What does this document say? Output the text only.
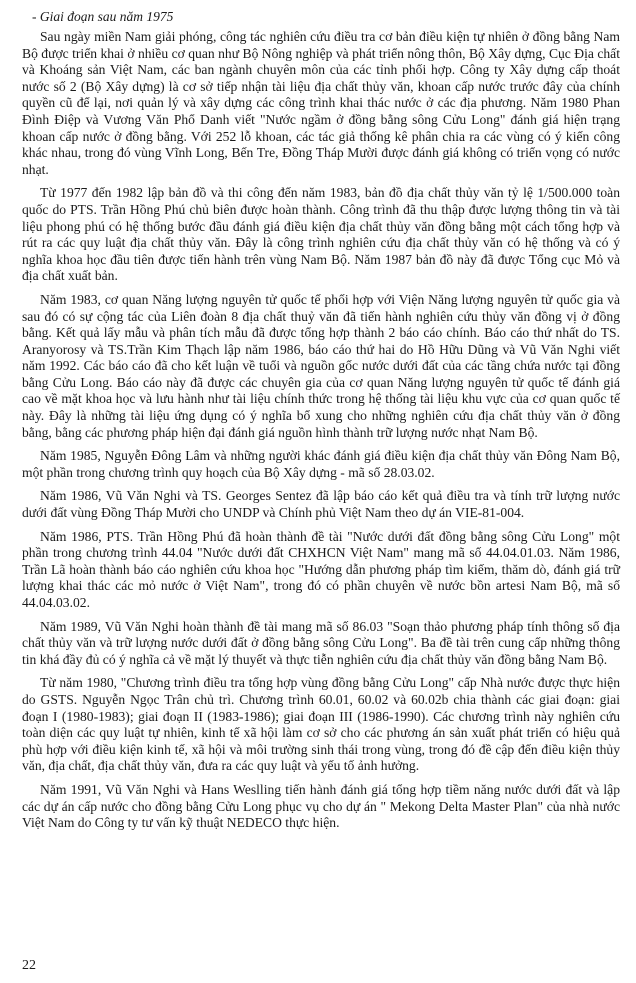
- Giai đoạn sau năm 1975

Sau ngày miền Nam giải phóng, công tác nghiên cứu điều tra cơ bản điều kiện tự nhiên ở đồng bằng Nam Bộ được triển khai ở nhiều cơ quan như Bộ Nông nghiệp và phát triển nông thôn, Bộ Xây dựng, Cục Địa chất và Khoáng sản Việt Nam, các ban ngành chuyên môn của các tỉnh phối hợp. Công ty Xây dựng cấp thoát nước số 2 (Bộ Xây dựng) là cơ sở tiếp nhận tài liệu địa chất thủy văn, khoan cấp nước trước đây của chính quyền cũ để lại, nơi quản lý và xây dựng các công trình khai thác nước ở các địa phương. Năm 1980 Phan Đình Điệp và Vương Văn Phổ Danh viết "Nước ngầm ở đồng bằng sông Cửu Long" đánh giá hiện trạng khoan cấp nước ở đồng bằng. Với 252 lỗ khoan, các tác giả thống kê phân chia ra các vùng có ý kiến công khác nhau, trong đó vùng Vĩnh Long, Bến Tre, Đồng Tháp Mười được đánh giá không có triển vọng có nước nhạt.

Từ 1977 đến 1982 lập bản đồ và thi công đến năm 1983, bản đồ địa chất thủy văn tỷ lệ 1/500.000 toàn quốc do PTS. Trần Hồng Phú chủ biên được hoàn thành. Công trình đã thu thập được lượng thông tin và tài liệu phong phú có hệ thống bước đầu đánh giá điều kiện địa chất thủy văn đồng bằng một cách tổng hợp và rút ra các quy luật địa chất thủy văn. Đây là công trình nghiên cứu địa chất thủy văn có hệ thống và có ý nghĩa khoa học đầu tiên được tiến hành trên vùng Nam Bộ. Năm 1987 bản đồ này đã được Tổng cục Mỏ và địa chất xuất bản.

Năm 1983, cơ quan Năng lượng nguyên tử quốc tế phối hợp với Viện Năng lượng nguyên tử quốc gia và sau đó có sự cộng tác của Liên đoàn 8 địa chất thuỷ văn đã tiến hành nghiên cứu thủy văn đồng vị ở đồng bằng. Kết quả lấy mẫu và phân tích mẫu đã được tổng hợp thành 2 báo cáo chính. Báo cáo thứ nhất do TS. Aranyorosy và TS.Trần Kim Thạch lập năm 1986, báo cáo thứ hai do Hồ Hữu Dũng và Vũ Văn Nghi viết năm 1992. Các báo cáo đã cho kết luận về tuổi và nguồn gốc nước dưới đất của các tầng chứa nước tại đồng bằng Cửu Long. Báo cáo này đã được các chuyên gia của cơ quan Năng lượng nguyên tử quốc tế đánh giá cao về mặt khoa học và lưu hành như tài liệu chính thức trong hệ thống tài liệu khu vực của cơ quan quốc tế này. Đây là những tài liệu ứng dụng có ý nghĩa bổ xung cho những nghiên cứu địa chất thủy văn ở đồng bằng, bằng các phương pháp hiện đại đánh giá nguồn hình thành trữ lượng nước nhạt Nam Bộ.

Năm 1985, Nguyễn Đông Lâm và những người khác đánh giá điều kiện địa chất thủy văn Đông Nam Bộ, một phần trong chương trình quy hoạch của Bộ Xây dựng - mã số 28.03.02.

Năm 1986, Vũ Văn Nghi và TS. Georges Sentez đã lập báo cáo kết quả điều tra và tính trữ lượng nước dưới đất vùng Đồng Tháp Mười cho UNDP và Chính phủ Việt Nam theo dự án VIE-81-004.

Năm 1986, PTS. Trần Hồng Phú đã hoàn thành đề tài "Nước dưới đất đồng bằng sông Cửu Long" một phần trong chương trình 44.04 "Nước dưới đất CHXHCN Việt Nam" mang mã số 44.04.01.03. Năm 1986, Trần Lã hoàn thành báo cáo nghiên cứu khoa học "Hướng dẫn phương pháp tìm kiếm, thăm dò, đánh giá trữ lượng khai thác các mỏ nước ở Việt Nam", trong đó có phần chuyên về nước bồn artesi Nam Bộ, mã số 44.04.03.02.

Năm 1989, Vũ Văn Nghi hoàn thành đề tài mang mã số 86.03 "Soạn thảo phương pháp tính thông số địa chất thủy văn và trữ lượng nước dưới đất ở đồng bằng sông Cửu Long". Ba đề tài trên cung cấp những thông tin khá đầy đủ có ý nghĩa cả về mặt lý thuyết và thực tiễn nghiên cứu địa chất thủy văn đồng bằng Nam Bộ.

Từ năm 1980, "Chương trình điều tra tổng hợp vùng đồng bằng Cửu Long" cấp Nhà nước được thực hiện do GSTS. Nguyễn Ngọc Trân chủ trì. Chương trình 60.01, 60.02 và 60.02b chia thành các giai đoạn: giai đoạn I (1980-1983); giai đoạn II (1983-1986); giai đoạn III (1986-1990). Các chương trình này nghiên cứu toàn diện các quy luật tự nhiên, kinh tế xã hội làm cơ sở cho các phương án sản xuất phát triển có hiệu quả phù hợp với điều kiện kinh tế, xã hội và môi trường sinh thái trong vùng, trong đó đề cập đến điều kiện thủy văn, địa chất, địa chất thủy văn, đưa ra các quy luật và yếu tố ảnh hưởng.

Năm 1991, Vũ Văn Nghi và Hans Weslling tiến hành đánh giá tổng hợp tiềm năng nước dưới đất và lập các dự án cấp nước cho đồng bằng Cửu Long phục vụ cho dự án " Mekong Delta Master Plan" của nhà nước Việt Nam do Công ty tư vấn kỹ thuật NEDECO thực hiện.

22
